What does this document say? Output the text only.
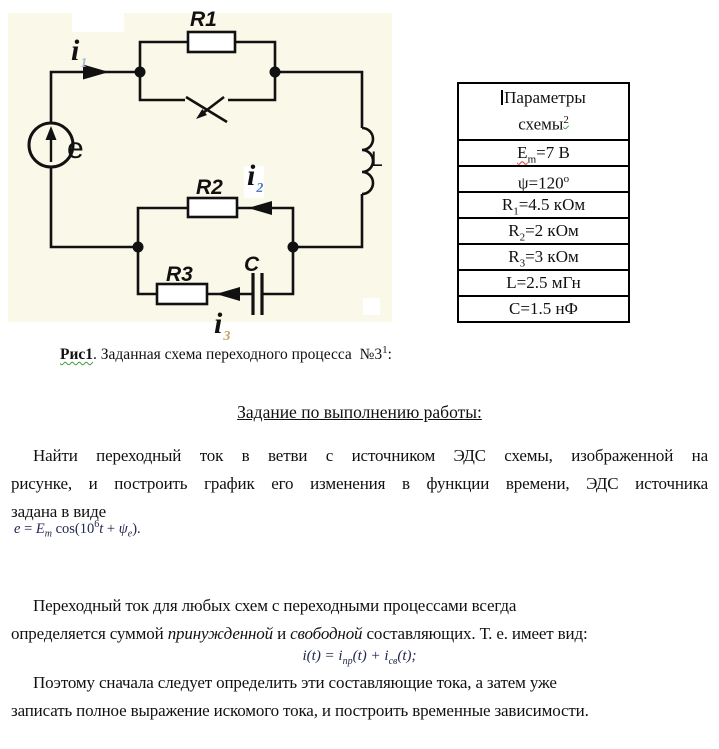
R1
R2
R3
L
C
e
$i_1$
$i_2$
$i_3$
Параметры
схемы$^2$
$E_m=7$ В
$\psi=120^о$
$R_1=4.5$ кОм
$R_2=2$ кОм
$R_3=3$ кОм
L=2.5 мГн
C=1.5 нФ
Рис1. Заданная схема переходного процесса  $№3^1$:
Задание по выполнению работы:
Найти переходный ток в ветви с источником ЭДС схемы, изображенной на
рисунке, и построить график его изменения в функции времени, ЭДС источника
задана в виде
$e = E_m$ $\cos(10^6t + \psi_e)$.
Переходный ток для любых схем с переходными процессами всегда
определяется суммой принужденной и свободной составляющих. Т. е. имеет вид:
$i(t) = i_{пр}(t) + i_{св}(t)$;
Поэтому сначала следует определить эти составляющие тока, а затем уже
записать полное выражение искомого тока, и построить временные зависимости.
